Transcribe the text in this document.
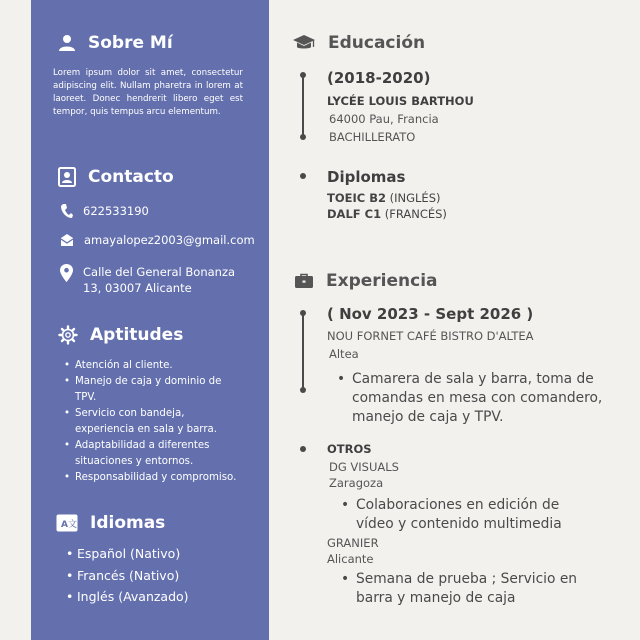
Sobre Mí
Lorem ipsum dolor sit amet, consectetur adipiscing elit. Nullam pharetra in lorem at laoreet. Donec hendrerit libero eget est tempor, quis tempus arcu elementum.
Contacto
622533190
amayalopez2003@gmail.com
Calle del General Bonanza
13, 03007 Alicante
Aptitudes
• Atención al cliente.
• Manejo de caja y dominio de TPV.
• Servicio con bandeja, experiencia en sala y barra.
• Adaptabilidad a diferentes situaciones y entornos.
• Responsabilidad y compromiso.
A 文 Idiomas
• Español (Nativo)
• Francés (Nativo)
• Inglés (Avanzado)
Educación
(2018-2020)
LYCÉE LOUIS BARTHOU
64000 Pau, Francia
BACHILLERATO
Diplomas
TOEIC B2 (INGLÉS)
DALF C1 (FRANCÉS)
Experiencia
( Nov 2023 - Sept 2026 )
NOU FORNET CAFÉ BISTRO D'ALTEA
Altea
• Camarera de sala y barra, toma de comandas en mesa con comandero, manejo de caja y TPV.
OTROS
DG VISUALS
Zaragoza
• Colaboraciones en edición de vídeo y contenido multimedia
GRANIER
Alicante
• Semana de prueba ; Servicio en barra y manejo de caja
